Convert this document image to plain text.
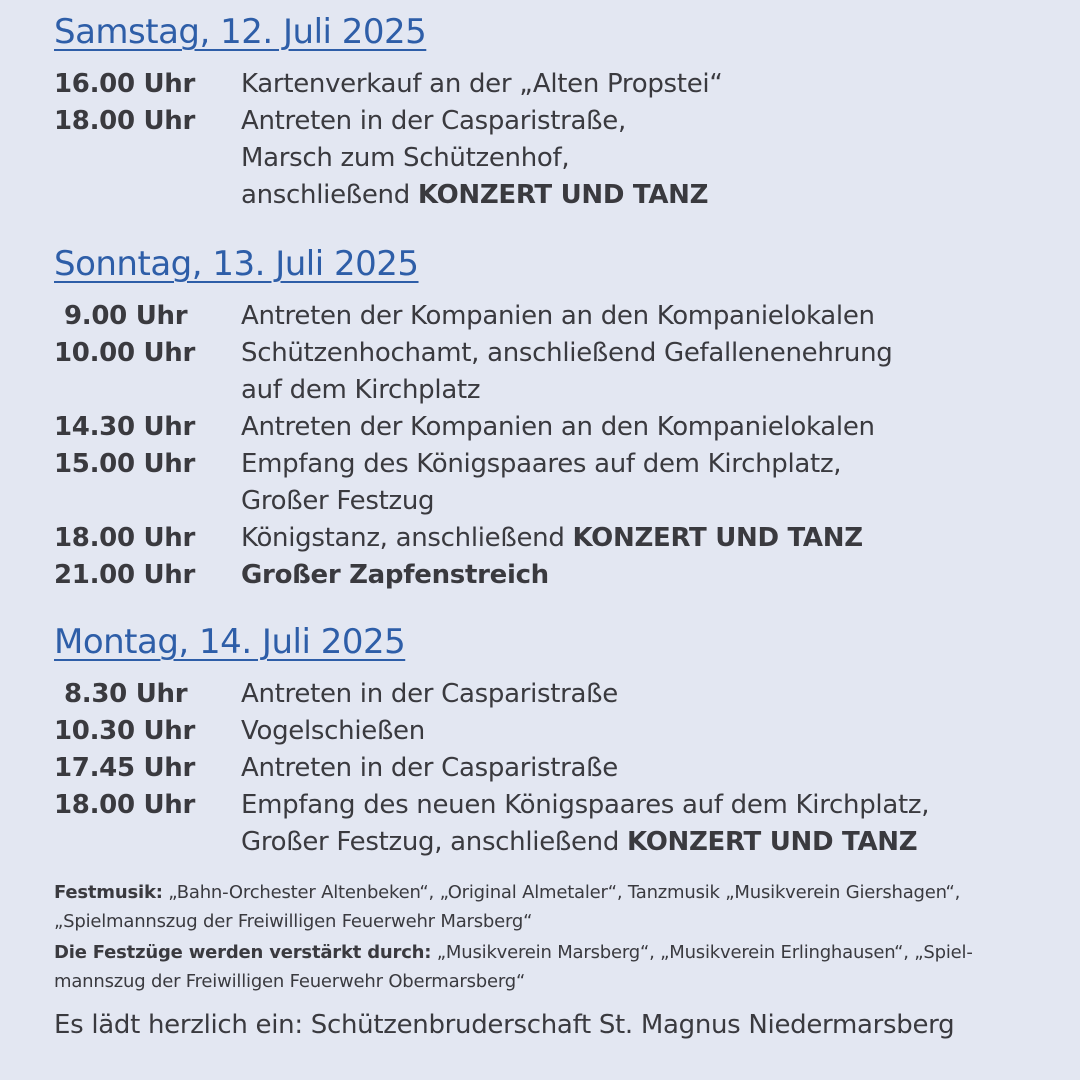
Samstag, 12. Juli 2025
16.00 Uhr	Kartenverkauf an der „Alten Propstei“
18.00 Uhr	Antreten in der Casparistraße,
Marsch zum Schützenhof,
anschließend KONZERT UND TANZ
Sonntag, 13. Juli 2025
9.00 Uhr	Antreten der Kompanien an den Kompanielokalen
10.00 Uhr	Schützenhochamt, anschließend Gefallenenehrung
auf dem Kirchplatz
14.30 Uhr	Antreten der Kompanien an den Kompanielokalen
15.00 Uhr	Empfang des Königspaares auf dem Kirchplatz,
Großer Festzug
18.00 Uhr	Königstanz, anschließend KONZERT UND TANZ
21.00 Uhr	Großer Zapfenstreich
Montag, 14. Juli 2025
8.30 Uhr	Antreten in der Casparistraße
10.30 Uhr	Vogelschießen
17.45 Uhr	Antreten in der Casparistraße
18.00 Uhr	Empfang des neuen Königspaares auf dem Kirchplatz,
Großer Festzug, anschließend KONZERT UND TANZ
Festmusik: „Bahn-Orchester Altenbeken“, „Original Almetaler“, Tanzmusik „Musikverein Giershagen“,
„Spielmannszug der Freiwilligen Feuerwehr Marsberg“
Die Festzüge werden verstärkt durch: „Musikverein Marsberg“, „Musikverein Erlinghausen“, „Spiel-
mannszug der Freiwilligen Feuerwehr Obermarsberg“
Es lädt herzlich ein: Schützenbruderschaft St. Magnus Niedermarsberg
